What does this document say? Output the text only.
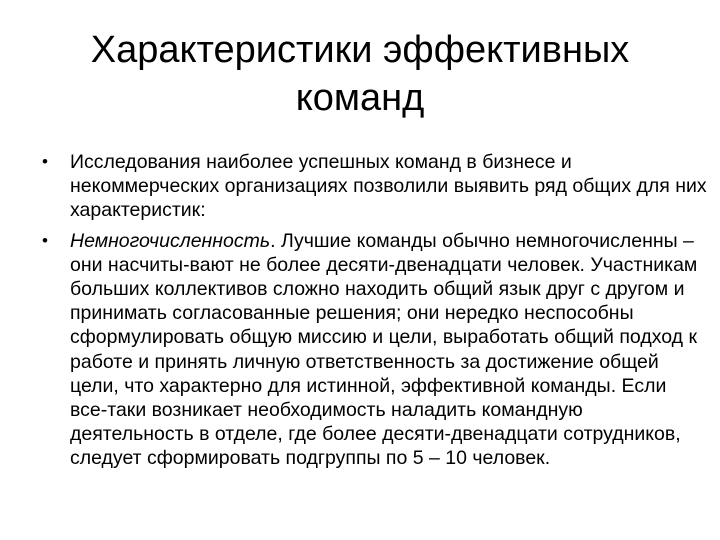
Характеристики эффективных
команд
• Исследования наиболее успешных команд в бизнесе и некоммерческих организациях позволили выявить ряд общих для них характеристик:
• Немногочисленность. Лучшие команды обычно немногочисленны – они насчиты-вают не более десяти-двенадцати человек. Участникам больших коллективов сложно находить общий язык друг с другом и принимать согласованные решения; они нередко неспособны сформулировать общую миссию и цели, выработать общий подход к работе и принять личную ответственность за достижение общей цели, что характерно для истинной, эффективной команды. Если все-таки возникает необходимость наладить командную деятельность в отделе, где более десяти-двенадцати сотрудников, следует сформировать подгруппы по 5 – 10 человек.
